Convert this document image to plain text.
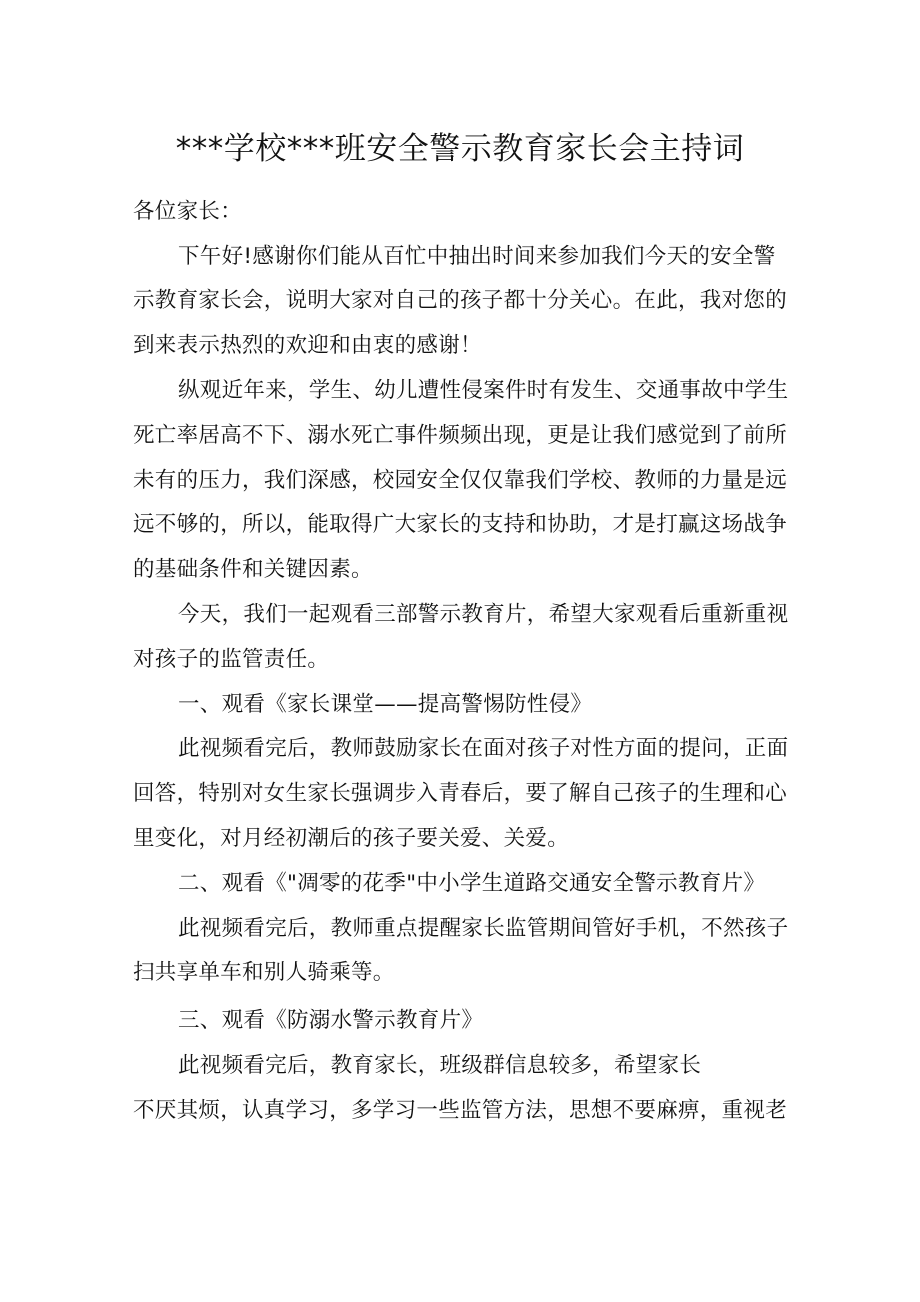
***学校***班安全警示教育家长会主持词

各位家长：

下午好!感谢你们能从百忙中抽出时间来参加我们今天的安全警

示教育家长会，说明大家对自己的孩子都十分关心。在此，我对您的

到来表示热烈的欢迎和由衷的感谢！

纵观近年来，学生、幼儿遭性侵案件时有发生、交通事故中学生

死亡率居高不下、溺水死亡事件频频出现，更是让我们感觉到了前所

未有的压力，我们深感，校园安全仅仅靠我们学校、教师的力量是远

远不够的，所以，能取得广大家长的支持和协助，才是打赢这场战争

的基础条件和关键因素。

今天，我们一起观看三部警示教育片，希望大家观看后重新重视

对孩子的监管责任。

一、观看《家长课堂——提高警惕防性侵》

此视频看完后，教师鼓励家长在面对孩子对性方面的提问，正面

回答，特别对女生家长强调步入青春后，要了解自己孩子的生理和心

里变化，对月经初潮后的孩子要关爱、关爱。

二、观看《"凋零的花季"中小学生道路交通安全警示教育片》

此视频看完后，教师重点提醒家长监管期间管好手机，不然孩子

扫共享单车和别人骑乘等。

三、观看《防溺水警示教育片》

此视频看完后，教育家长，班级群信息较多，希望家长

不厌其烦，认真学习，多学习一些监管方法，思想不要麻痹，重视老
